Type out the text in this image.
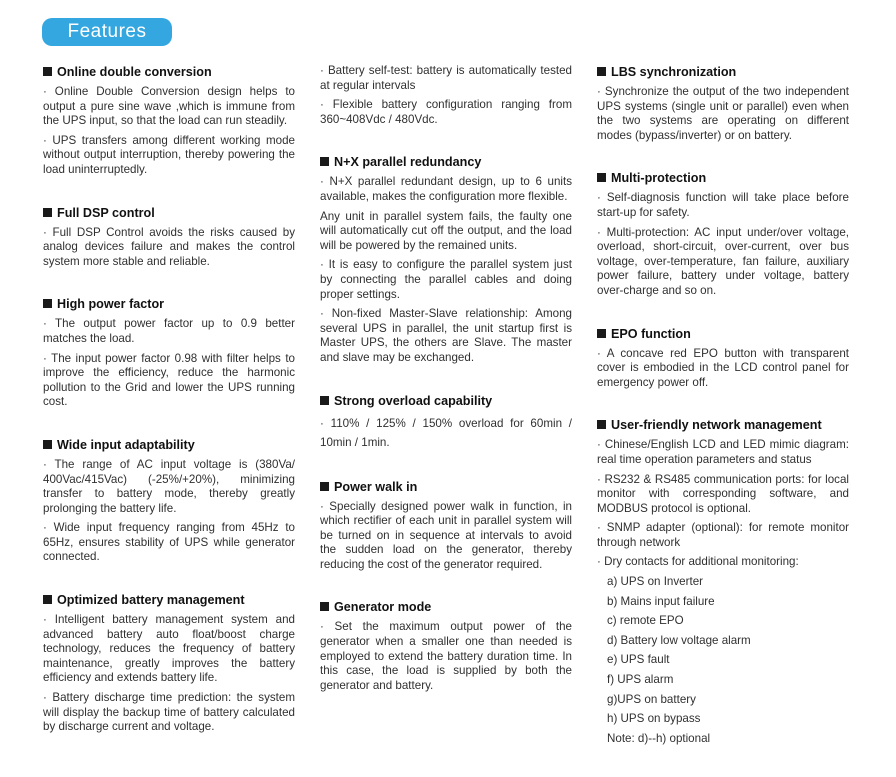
Features
Online double conversion
· Online Double Conversion design helps to output a pure sine wave ,which is immune from the UPS input, so that the load can run steadily.
· UPS transfers among different working mode without output interruption, thereby powering the load uninterruptedly.
Full DSP control
· Full DSP Control avoids the risks caused by analog devices failure and makes the control system more stable and reliable.
High power factor
· The output power factor up to 0.9 better matches the load.
· The input power factor 0.98 with filter helps to improve the efficiency, reduce the harmonic pollution to the Grid and lower the UPS running cost.
Wide input adaptability
· The range of AC input voltage is (380Va/ 400Vac/415Vac) (-25%/+20%), minimizing transfer to battery mode, thereby greatly prolonging the battery life.
· Wide input frequency ranging from 45Hz to 65Hz, ensures stability of UPS while generator connected.
Optimized battery management
· Intelligent battery management system and advanced battery auto float/boost charge technology, reduces the frequency of battery maintenance, greatly improves the battery efficiency and extends battery life.
· Battery discharge time prediction: the system will display the backup time of battery calculated by discharge current and voltage.
· Battery self-test: battery is automatically tested at regular intervals
· Flexible battery configuration ranging from 360~408Vdc / 480Vdc.
N+X parallel redundancy
· N+X parallel redundant design, up to 6 units available, makes the configuration more flexible.
Any unit in parallel system fails, the faulty one will automatically cut off the output, and the load will be powered by the remained units.
· It is easy to configure the parallel system just by connecting the parallel cables and doing proper settings.
· Non-fixed Master-Slave relationship: Among several UPS in parallel, the unit startup first is Master UPS, the others are Slave. The master and slave may be exchanged.
Strong overload capability
· 110% / 125% / 150% overload for 60min / 10min / 1min.
Power walk in
· Specially designed power walk in function, in which rectifier of each unit in parallel system will be turned on in sequence at intervals to avoid the sudden load on the generator, thereby reducing the cost of the generator required.
Generator mode
· Set the maximum output power of the generator when a smaller one than needed is employed to extend the battery duration time. In this case, the load is supplied by both the generator and battery.
LBS synchronization
· Synchronize the output of the two independent UPS systems (single unit or parallel) even when the two systems are operating on different modes (bypass/inverter) or on battery.
Multi-protection
· Self-diagnosis function will take place before start-up for safety.
· Multi-protection: AC input under/over voltage, overload, short-circuit, over-current, over bus voltage, over-temperature, fan failure, auxiliary power failure, battery under voltage, battery over-charge and so on.
EPO function
· A concave red EPO button with transparent cover is embodied in the LCD control panel for emergency power off.
User-friendly network management
· Chinese/English LCD and LED mimic diagram: real time operation parameters and status
· RS232 & RS485 communication ports: for local monitor with corresponding software, and MODBUS protocol is optional.
· SNMP adapter (optional): for remote monitor through network
· Dry contacts for additional monitoring:
a) UPS on Inverter
b) Mains input failure
c) remote EPO
d) Battery low voltage alarm
e) UPS fault
f) UPS alarm
g)UPS on battery
h) UPS on bypass
Note: d)--h) optional
